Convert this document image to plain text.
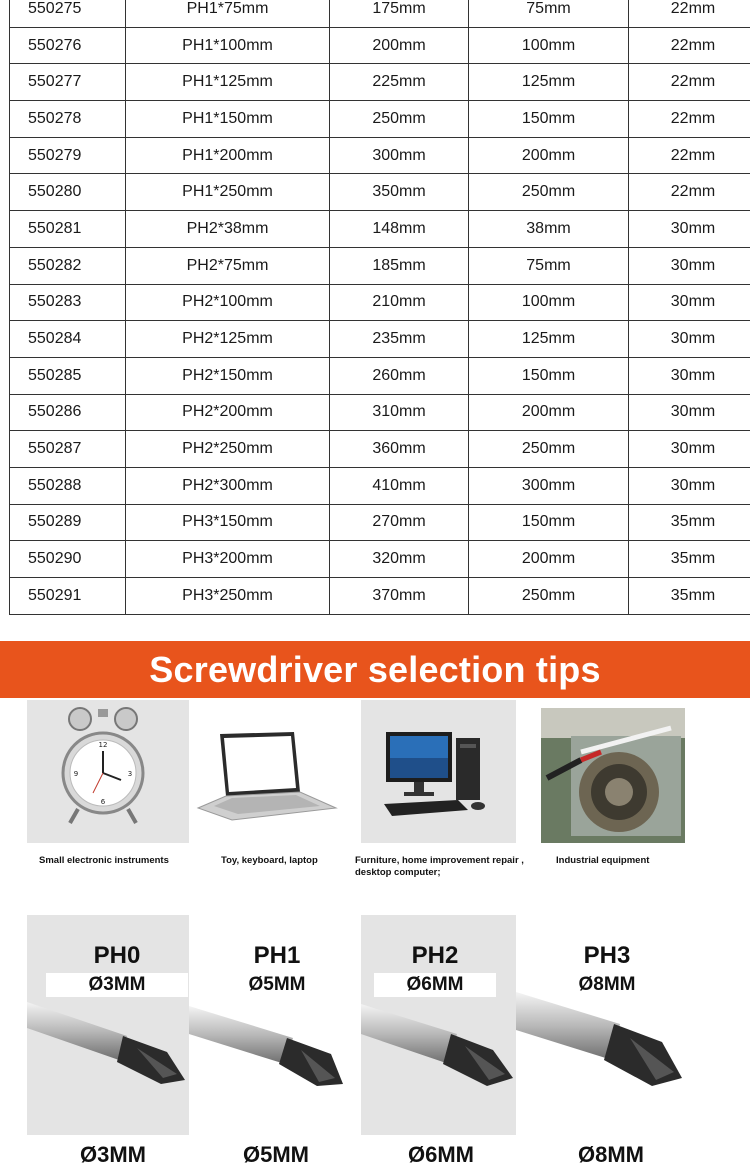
550275	PH1*75mm	175mm	75mm	22mm
550276	PH1*100mm	200mm	100mm	22mm
550277	PH1*125mm	225mm	125mm	22mm
550278	PH1*150mm	250mm	150mm	22mm
550279	PH1*200mm	300mm	200mm	22mm
550280	PH1*250mm	350mm	250mm	22mm
550281	PH2*38mm	148mm	38mm	30mm
550282	PH2*75mm	185mm	75mm	30mm
550283	PH2*100mm	210mm	100mm	30mm
550284	PH2*125mm	235mm	125mm	30mm
550285	PH2*150mm	260mm	150mm	30mm
550286	PH2*200mm	310mm	200mm	30mm
550287	PH2*250mm	360mm	250mm	30mm
550288	PH2*300mm	410mm	300mm	30mm
550289	PH3*150mm	270mm	150mm	35mm
550290	PH3*200mm	320mm	200mm	35mm
550291	PH3*250mm	370mm	250mm	35mm
Screwdriver selection tips
12
3
6
9
Small electronic instruments	Toy, keyboard, laptop	Furniture, home improvement repair , desktop computer;
Industrial equipment
PH0
Ø3MM
PH1
Ø5MM
PH2
Ø6MM
PH3
Ø8MM
Ø3MM	Ø5MM	Ø6MM	Ø8MM
